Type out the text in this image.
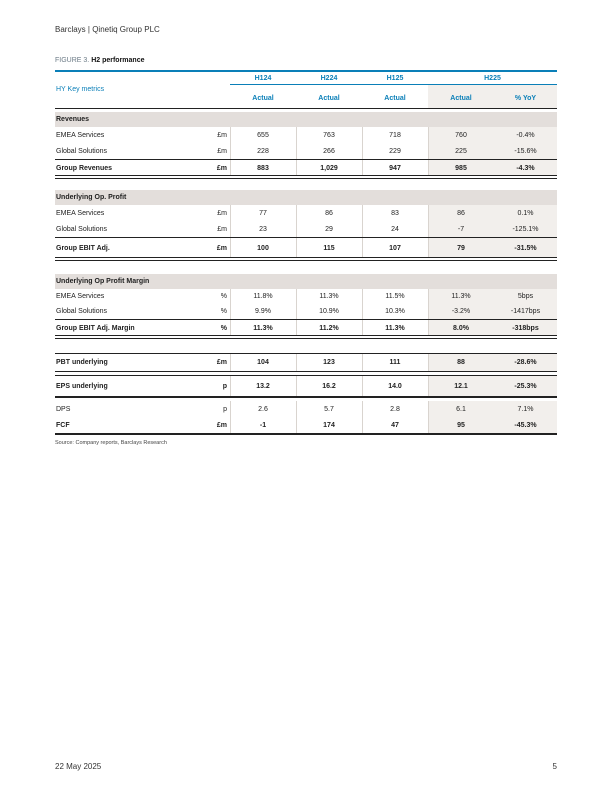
Barclays | Qinetiq Group PLC
FIGURE 3. H2 performance
H124	H224	H125	H225
HY Key metrics
Actual	Actual	Actual	Actual	% YoY
Revenues
EMEA Services	£m	655	763	718	760	-0.4%
Global Solutions	£m	228	266	229	225	-15.6%
Group Revenues	£m	883	1,029	947	985	-4.3%
Underlying Op. Profit
EMEA Services	£m	77	86	83	86	0.1%
Global Solutions	£m	23	29	24	-7	-125.1%
Group EBIT Adj.	£m	100	115	107	79	-31.5%
Underlying Op Profit Margin
EMEA Services	%	11.8%	11.3%	11.5%	11.3%	5bps
Global Solutions	%	9.9%	10.9%	10.3%	-3.2%	-1417bps
Group EBIT Adj. Margin	%	11.3%	11.2%	11.3%	8.0%	-318bps
PBT underlying	£m	104	123	111	88	-28.6%
EPS underlying	p	13.2	16.2	14.0	12.1	-25.3%
DPS	p	2.6	5.7	2.8	6.1	7.1%
FCF	£m	-1	174	47	95	-45.3%
Source: Company reports, Barclays Research
22 May 2025	5
